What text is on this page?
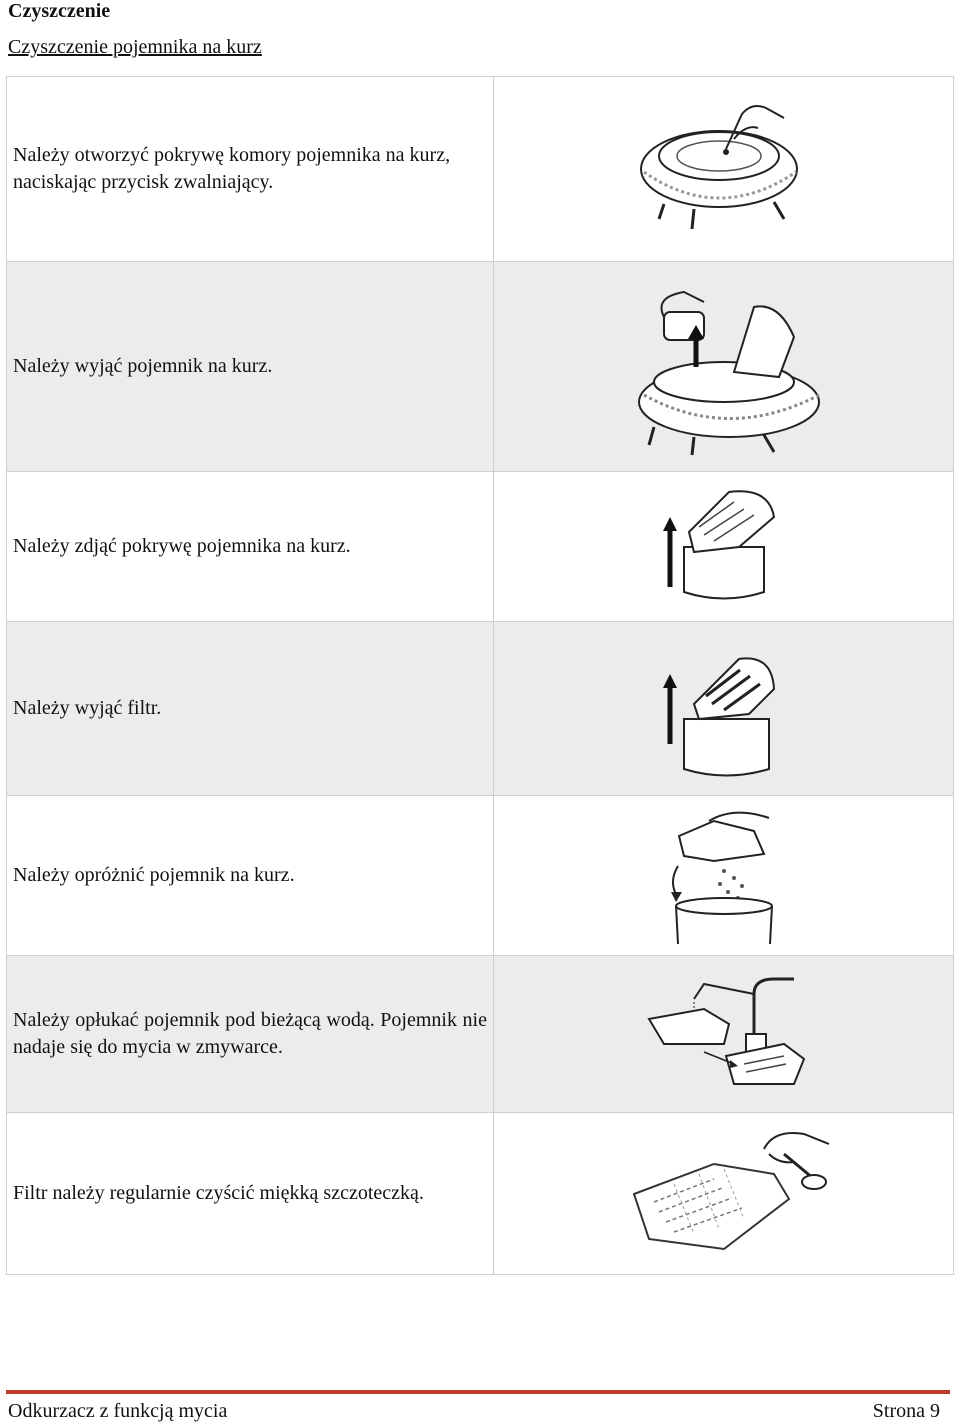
Czyszczenie
Czyszczenie pojemnika na kurz
Należy otworzyć pokrywę komory pojemnika na kurz, naciskając przycisk zwalniający.	

Należy wyjąć pojemnik na kurz.	

Należy zdjąć pokrywę pojemnika na kurz.	

Należy wyjąć filtr.	

Należy opróżnić pojemnik na kurz.	

Należy opłukać pojemnik pod bieżącą wodą. Pojemnik nie nadaje się do mycia w zmywarce.	

Filtr należy regularnie czyścić miękką szczoteczką.	
Odkurzacz z funkcją mycia	Strona 9
